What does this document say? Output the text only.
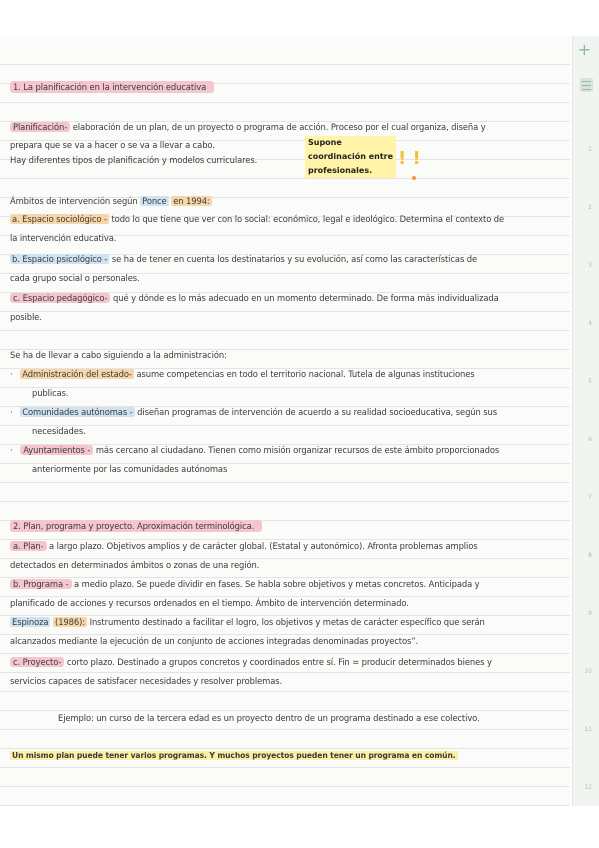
+
1
2
3
4
5
6
7
8
9
10
11
12
1. La planificación en la intervención educativa
Planificación- elaboración de un plan, de un proyecto o programa de acción. Proceso por el cual organiza, diseña y
prepara que se va a hacer o se va a llevar a cabo.
Hay diferentes tipos de planificación y modelos curriculares.
Supone
coordinación entre
profesionales.
! !
Ámbitos de intervención según Ponce en 1994:
a. Espacio sociológico - todo lo que tiene que ver con lo social: económico, legal e ideológico. Determina el contexto de
la intervención educativa.
b. Espacio psicológico - se ha de tener en cuenta los destinatarios y su evolución, así como las características de
cada grupo social o personales.
c. Espacio pedagógico- qué y dónde es lo más adecuado en un momento determinado. De forma más individualizada
posible.
Se ha de llevar a cabo siguiendo a la administración:
·   Administración del estado- asume competencias en todo el territorio nacional. Tutela de algunas instituciones
publicas.
·   Comunidades autónomas - diseñan programas de intervención de acuerdo a su realidad socioeducativa, según sus
necesidades.
·   Ayuntamientos - más cercano al ciudadano. Tienen como misión organizar recursos de este ámbito proporcionados
anteriormente por las comunidades autónomas
2. Plan, programa y proyecto. Aproximación terminológica.
a. Plan- a largo plazo. Objetivos amplios y de carácter global. (Estatal y autonómico). Afronta problemas amplios
detectados en determinados ámbitos o zonas de una región.
b. Programa - a medio plazo. Se puede dividir en fases. Se habla sobre objetivos y metas concretos. Anticipada y
planificado de acciones y recursos ordenados en el tiempo. Ámbito de intervención determinado.
Espinoza (1986): Instrumento destinado a facilitar el logro, los objetivos y metas de carácter específico que serán
alcanzados mediante la ejecución de un conjunto de acciones integradas denominadas proyectos”.
c. Proyecto- corto plazo. Destinado a grupos concretos y coordinados entre sí. Fin = producir determinados bienes y
servicios capaces de satisfacer necesidades y resolver problemas.
Ejemplo: un curso de la tercera edad es un proyecto dentro de un programa destinado a ese colectivo.
Un mismo plan puede tener varios programas. Y muchos proyectos pueden tener un programa en común.
